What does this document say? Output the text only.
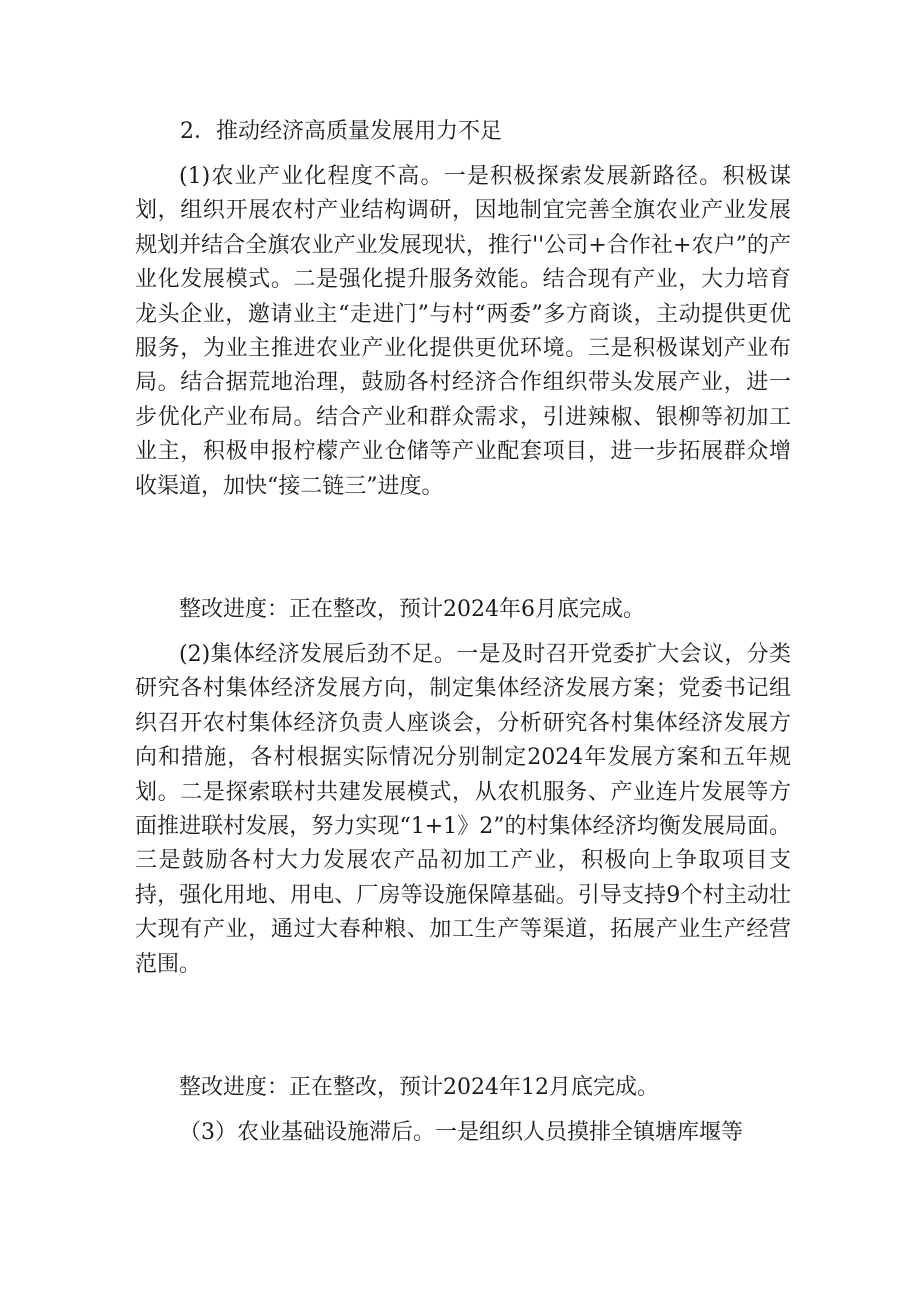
2．推动经济高质量发展用力不足

(1)农业产业化程度不高。一是积极探索发展新路径。积极谋划，组织开展农村产业结构调研，因地制宜完善全旗农业产业发展规划并结合全旗农业产业发展现状，推行''公司+合作社+农户”的产业化发展模式。二是强化提升服务效能。结合现有产业，大力培育龙头企业，邀请业主“走进门”与村“两委”多方商谈，主动提供更优服务，为业主推进农业产业化提供更优环境。三是积极谋划产业布局。结合据荒地治理，鼓励各村经济合作组织带头发展产业，进一步优化产业布局。结合产业和群众需求，引进辣椒、银柳等初加工业主，积极申报柠檬产业仓储等产业配套项目，进一步拓展群众增收渠道，加快“接二链三”进度。

整改进度：正在整改，预计2024年6月底完成。

(2)集体经济发展后劲不足。一是及时召开党委扩大会议，分类研究各村集体经济发展方向，制定集体经济发展方案；党委书记组织召开农村集体经济负责人座谈会，分析研究各村集体经济发展方向和措施，各村根据实际情况分别制定2024年发展方案和五年规划。二是探索联村共建发展模式，从农机服务、产业连片发展等方面推进联村发展，努力实现“1+1》2”的村集体经济均衡发展局面。三是鼓励各村大力发展农产品初加工产业，积极向上争取项目支持，强化用地、用电、厂房等设施保障基础。引导支持9个村主动壮大现有产业，通过大春种粮、加工生产等渠道，拓展产业生产经营范围。

整改进度：正在整改，预计2024年12月底完成。

（3）农业基础设施滞后。一是组织人员摸排全镇塘库堰等
